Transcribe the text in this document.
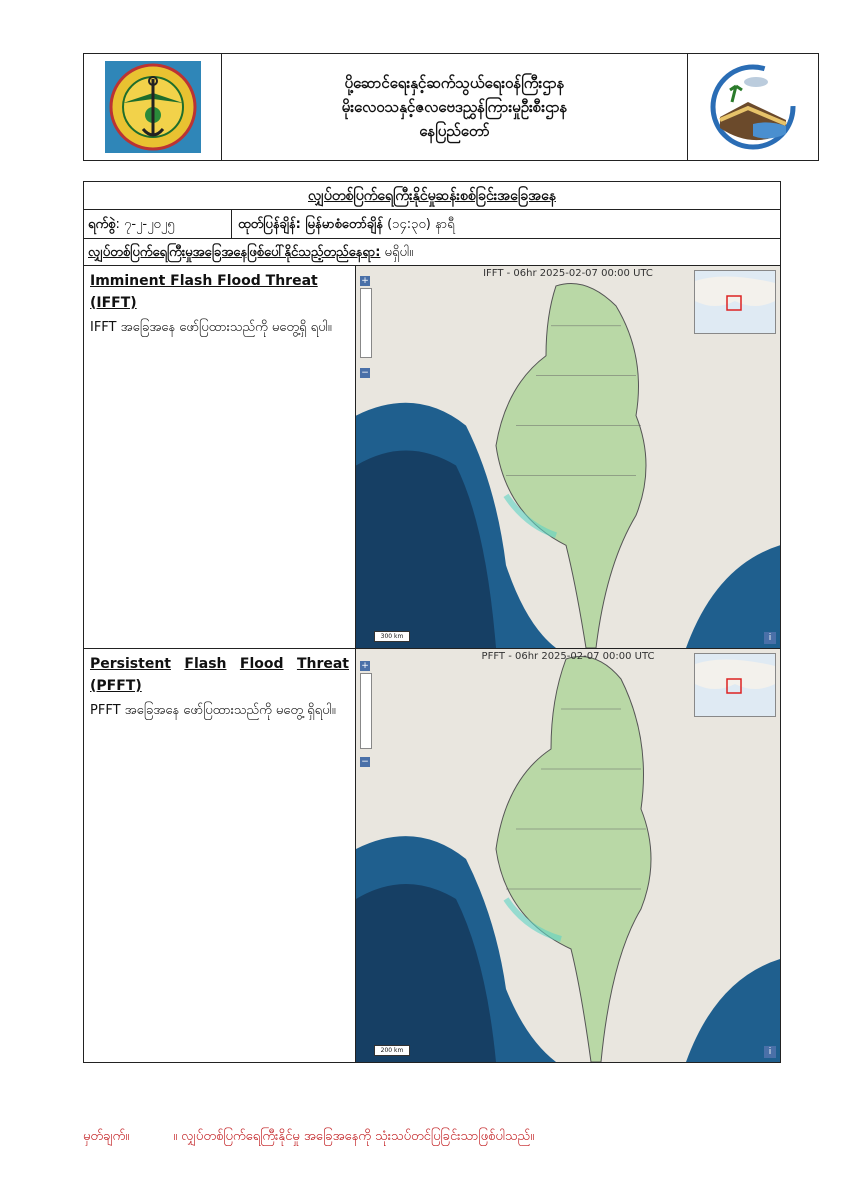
ပို့ဆောင်ရေးနှင့်ဆက်သွယ်ရေးဝန်ကြီးဌာန
မိုးလေဝသနှင့်ဇလဗေဒညွှန်ကြားမှုဦးစီးဌာန
နေပြည်တော်
လျှပ်တစ်ပြက်ရေကြီးနိုင်မှုဆန်းစစ်ခြင်းအခြေအနေ
ရက်စွဲ: ၇-၂-၂၀၂၅	ထုတ်ပြန်ချိန်: မြန်မာစံတော်ချိန် (၁၄:၃၀) နာရီ
လျှပ်တစ်ပြက်ရေကြီးမှုအခြေအနေဖြစ်ပေါ်နိုင်သည့်တည်နေရာ: မရှိပါ။
Imminent Flash Flood Threat (IFFT)
IFFT အခြေအနေ ဖော်ပြထားသည်ကို မတွေ့ရှိ ရပါ။
IFFT - 06hr 2025-02-07 00:00 UTC
+
−
300 km	i
Persistent Flash Flood Threat
(PFFT)
PFFT အခြေအနေ ဖော်ပြထားသည်ကို မတွေ့ ရှိရပါ။
PFFT - 06hr 2025-02-07 00:00 UTC
+
−
200 km	i
မှတ်ချက်။	။ လျှပ်တစ်ပြက်ရေကြီးနိုင်မှု အခြေအနေကို သုံးသပ်တင်ပြခြင်းသာဖြစ်ပါသည်။
